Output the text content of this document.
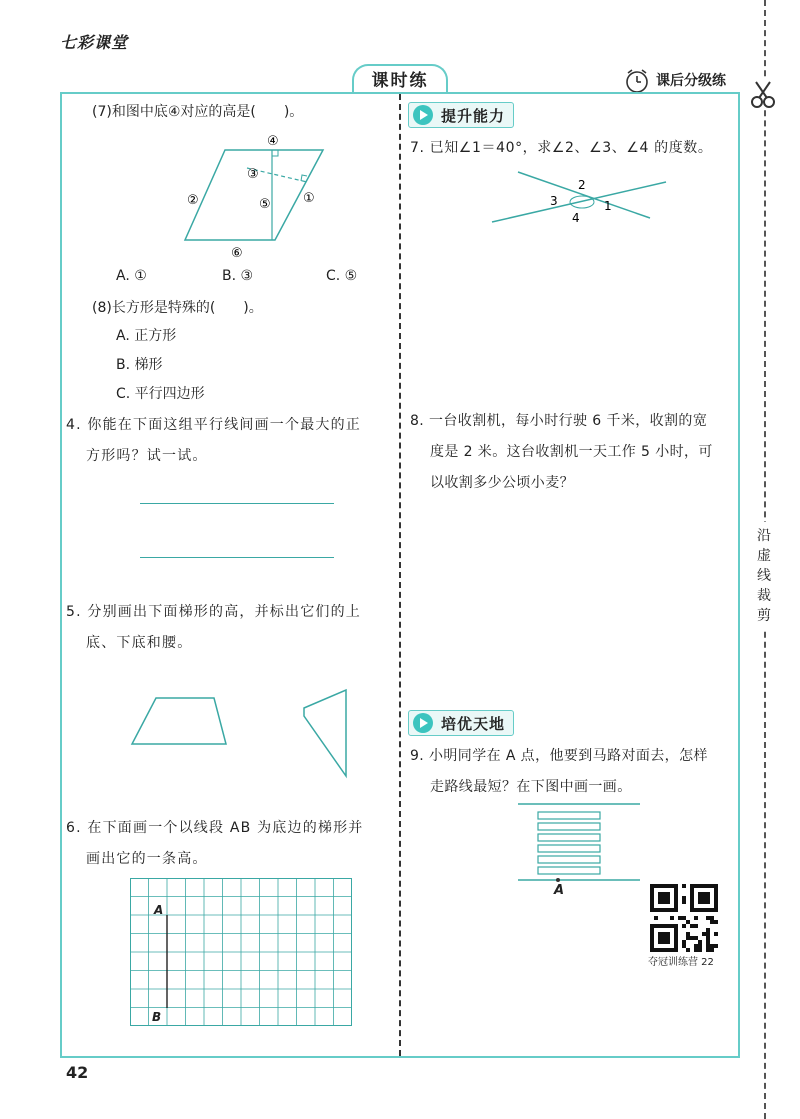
七彩课堂
课时练	课后分级练
沿
虚
线
裁
剪
(7)和图中底④对应的高是(　　)。
④
②
③
⑤ ①
⑥
A. ①	B. ③	C. ⑤
(8)长方形是特殊的(　　)。
A. 正方形
B. 梯形
C. 平行四边形
4. 你能在下面这组平行线间画一个最大的正
方形吗？试一试。
5. 分别画出下面梯形的高，并标出它们的上
底、下底和腰。
6. 在下面画一个以线段 AB 为底边的梯形并
画出它的一条高。
A
B
提升能力
7. 已知∠1＝40°，求∠2、∠3、∠4 的度数。
2
3	1
4
8. 一台收割机，每小时行驶 6 千米，收割的宽
度是 2 米。这台收割机一天工作 5 小时，可
以收割多少公顷小麦？
培优天地
9. 小明同学在 A 点，他要到马路对面去，怎样
走路线最短？在下图中画一画。
A
夺冠训练营 22
42
